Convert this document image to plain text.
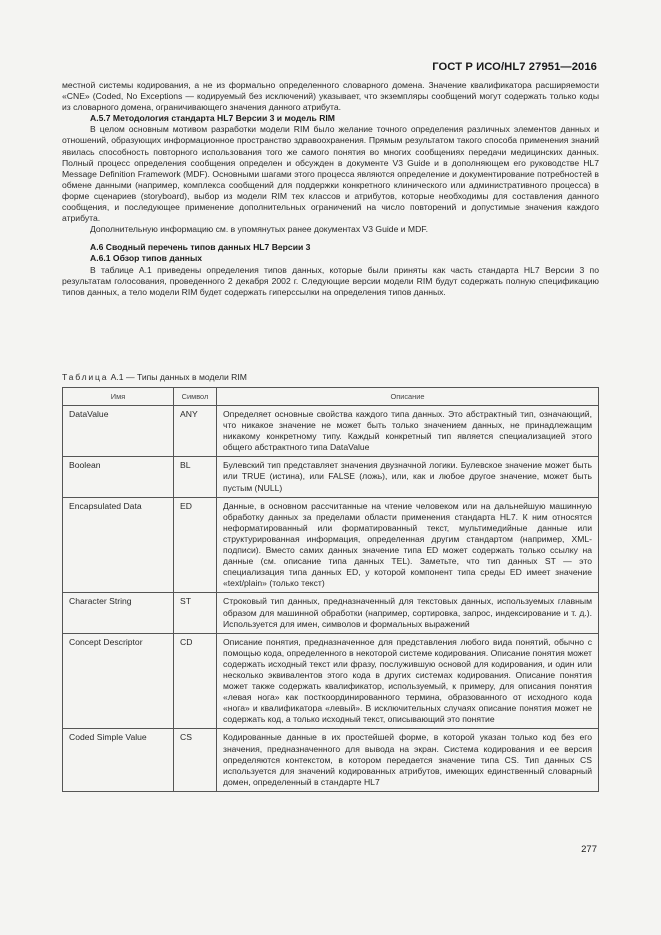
ГОСТ Р ИСО/HL7 27951—2016

местной системы кодирования, а не из формально определенного словарного домена. Значение квалификатора расширяемости «CNE» (Coded, No Exceptions — кодируемый без исключений) указывает, что экземпляры сообщений могут содержать только коды из словарного домена, ограничивающего значения данного атрибута.

A.5.7 Методология стандарта HL7 Версии 3 и модель RIM

В целом основным мотивом разработки модели RIM было желание точного определения различных элементов данных и отношений, образующих информационное пространство здравоохранения. Прямым результатом такого способа применения знаний явилась способность повторного использования того же самого понятия во многих сообщениях передачи медицинских данных. Полный процесс определения сообщения определен и обсужден в документе V3 Guide и в дополняющем его руководстве HL7 Message Definition Framework (MDF). Основными шагами этого процесса являются определение и документирование потребностей в обмене данными (например, комплекса сообщений для поддержки конкретного клинического или административного процесса) в форме сценариев (storyboard), выбор из модели RIM тех классов и атрибутов, которые необходимы для составления данного сообщения, и последующее применение дополнительных ограничений на число повторений и допустимые значения каждого атрибута.

Дополнительную информацию см. в упомянутых ранее документах V3 Guide и MDF.

A.6 Сводный перечень типов данных HL7 Версии 3

A.6.1 Обзор типов данных

В таблице A.1 приведены определения типов данных, которые были приняты как часть стандарта HL7 Версии 3 по результатам голосования, проведенного 2 декабря 2002 г. Следующие версии модели RIM будут содержать полную спецификацию типов данных, а тело модели RIM будет содержать гиперссылки на определения типов данных.

Таблица A.1 — Типы данных в модели RIM
Имя	Символ	Описание
DataValue	ANY	Определяет основные свойства каждого типа данных. Это абстрактный тип, означающий, что никакое значение не может быть только значением данных, не принадлежащим никакому конкретному типу. Каждый конкретный тип является специализацией этого общего абстрактного типа DataValue
Boolean	BL	Булевский тип представляет значения двузначной логики. Булевское значение может быть или TRUE (истина), или FALSE (ложь), или, как и любое другое значение, может быть пустым (NULL)
Encapsulated Data	ED	Данные, в основном рассчитанные на чтение человеком или на дальнейшую машинную обработку данных за пределами области применения стандарта HL7. К ним относятся неформатированный или форматированный текст, мультимедийные данные или структурированная информация, определенная другим стандартом (например, XML-подписи). Вместо самих данных значение типа ED может содержать только ссылку на данные (см. описание типа данных TEL). Заметьте, что тип данных ST — это специализация типа данных ED, у которой компонент типа среды ED имеет значение «text/plain» (только текст)
Character String	ST	Строковый тип данных, предназначенный для текстовых данных, используемых главным образом для машинной обработки (например, сортировка, запрос, индексирование и т. д.). Используется для имен, символов и формальных выражений
Concept Descriptor	CD	Описание понятия, предназначенное для представления любого вида понятий, обычно с помощью кода, определенного в некоторой системе кодирования. Описание понятия может содержать исходный текст или фразу, послужившую основой для кодирования, и один или несколько эквивалентов этого кода в других системах кодирования. Описание понятия может также содержать квалификатор, используемый, к примеру, для описания понятия «левая нога» как посткоординированного термина, образованного от исходного кода «нога» и квалификатора «левый». В исключительных случаях описание понятия может не содержать код, а только исходный текст, описывающий это понятие
Coded Simple Value	CS	Кодированные данные в их простейшей форме, в которой указан только код без его значения, предназначенного для вывода на экран. Система кодирования и ее версия определяются контекстом, в котором передается значение типа CS. Тип данных CS используется для значений кодированных атрибутов, имеющих единственный словарный домен, определенный в стандарте HL7
277
